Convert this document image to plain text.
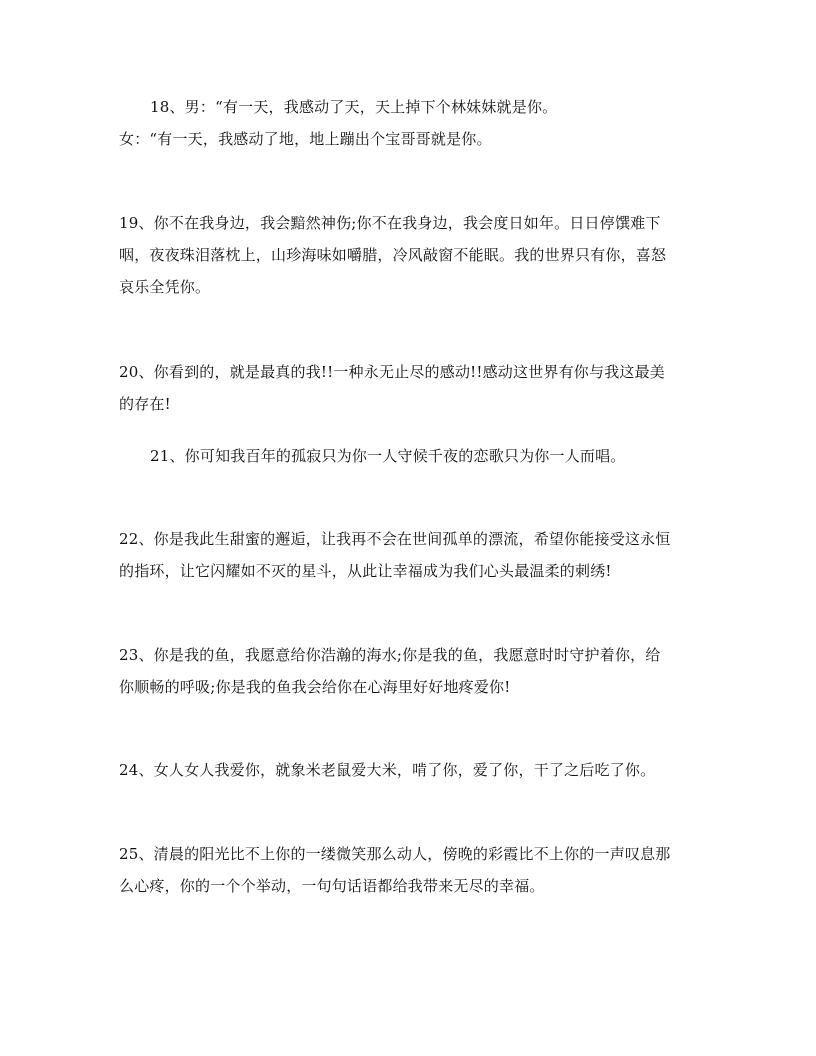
18、男：“有一天，我感动了天，天上掉下个林妹妹就是你。
女：“有一天，我感动了地，地上蹦出个宝哥哥就是你。
19、你不在我身边，我会黯然神伤;你不在我身边，我会度日如年。日日停馔难下
咽，夜夜珠泪落枕上，山珍海味如嚼腊，冷风敲窗不能眠。我的世界只有你，喜怒
哀乐全凭你。
20、你看到的，就是最真的我!!一种永无止尽的感动!!感动这世界有你与我这最美
的存在!
21、你可知我百年的孤寂只为你一人守候千夜的恋歌只为你一人而唱。
22、你是我此生甜蜜的邂逅，让我再不会在世间孤单的漂流，希望你能接受这永恒
的指环，让它闪耀如不灭的星斗，从此让幸福成为我们心头最温柔的刺绣!
23、你是我的鱼，我愿意给你浩瀚的海水;你是我的鱼，我愿意时时守护着你，给
你顺畅的呼吸;你是我的鱼我会给你在心海里好好地疼爱你!
24、女人女人我爱你，就象米老鼠爱大米，啃了你，爱了你，干了之后吃了你。
25、清晨的阳光比不上你的一缕微笑那么动人，傍晚的彩霞比不上你的一声叹息那
么心疼，你的一个个举动，一句句话语都给我带来无尽的幸福。
